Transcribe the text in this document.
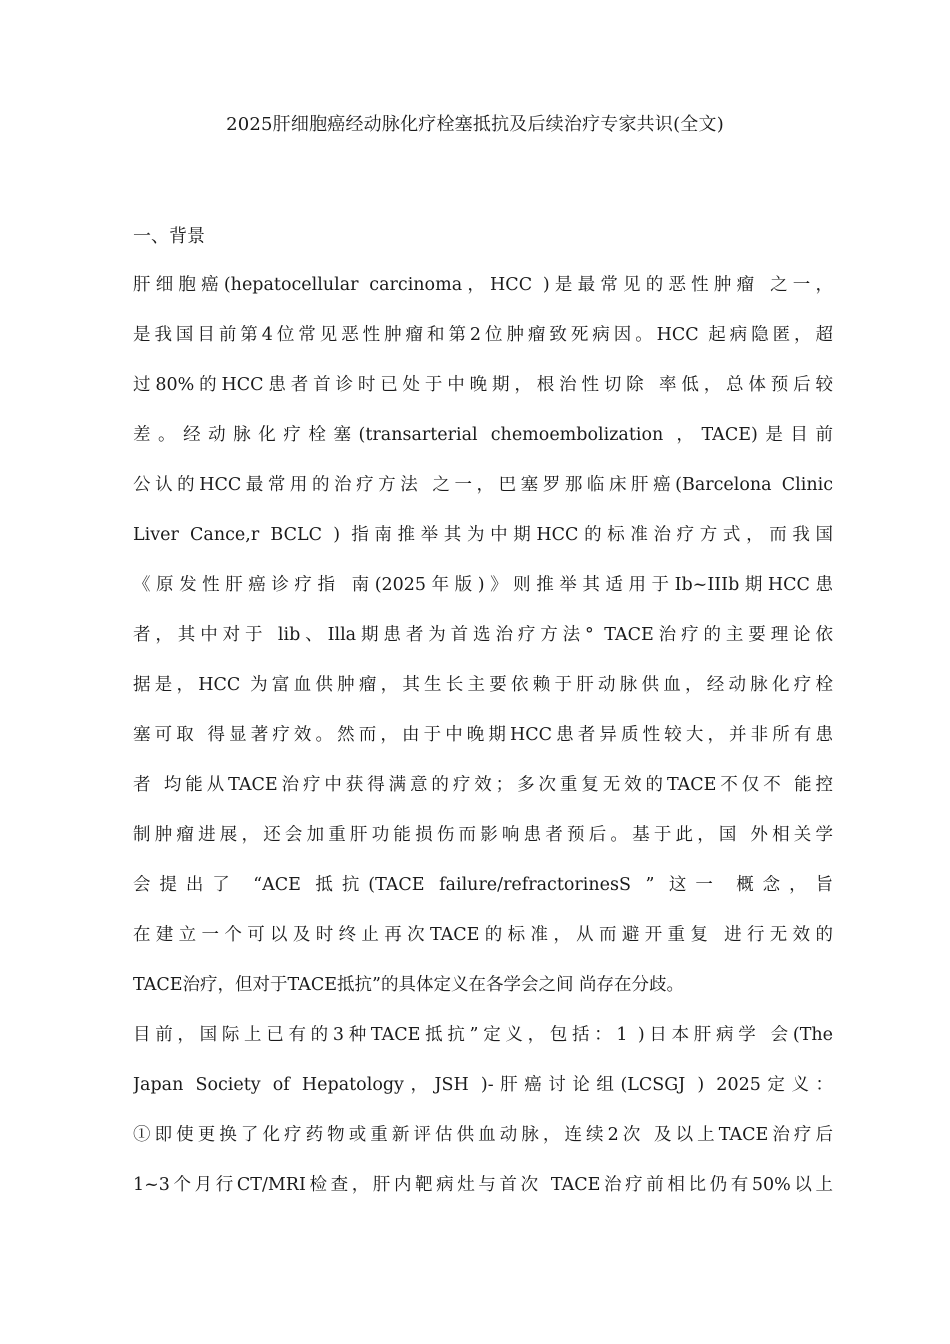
2025肝细胞癌经动脉化疗栓塞抵抗及后续治疗专家共识(全文)
一、背景
肝细胞癌(hepatocellular carcinoma，HCC )是最常见的恶性肿瘤 之一，
是我国目前第4位常见恶性肿瘤和第2位肿瘤致死病因。HCC 起病隐匿，超
过80%的HCC患者首诊时已处于中晚期，根治性切除 率低，总体预后较
差。经动脉化疗栓塞(transarterial chemoembolization ，TACE)是目前
公认的HCC最常用的治疗方法 之一，巴塞罗那临床肝癌(Barcelona Clinic
Liver Cance,r BCLC ) 指南推举其为中期HCC的标准治疗方式，而我国
《原发性肝癌诊疗指 南(2025年版)》则推举其适用于Ib~IIIb期HCC患
者，其中对于 lib、Illa期患者为首选治疗方法° TACE治疗的主要理论依
据是，HCC 为富血供肿瘤，其生长主要依赖于肝动脉供血，经动脉化疗栓
塞可取 得显著疗效。然而，由于中晚期HCC患者异质性较大，并非所有患
者 均能从TACE治疗中获得满意的疗效；多次重复无效的TACE不仅不 能控
制肿瘤进展，还会加重肝功能损伤而影响患者预后。基于此，国 外相关学
会提出了 “ACE 抵抗(TACE failure/refractorinesS ” 这一 概念，旨
在建立一个可以及时终止再次TACE的标准，从而避开重复 进行无效的
TACE治疗，但对于TACE抵抗”的具体定义在各学会之间 尚存在分歧。
目前，国际上已有的3种TACE抵抗”定义，包括：1 )日本肝病学 会(The
Japan Society of Hepatology，JSH )-肝癌讨论组(LCSGJ ) 2025定义：
①即使更换了化疗药物或重新评估供血动脉，连续2次 及以上TACE治疗后
1~3个月行CT/MRI检查，肝内靶病灶与首次 TACE治疗前相比仍有50%以上
